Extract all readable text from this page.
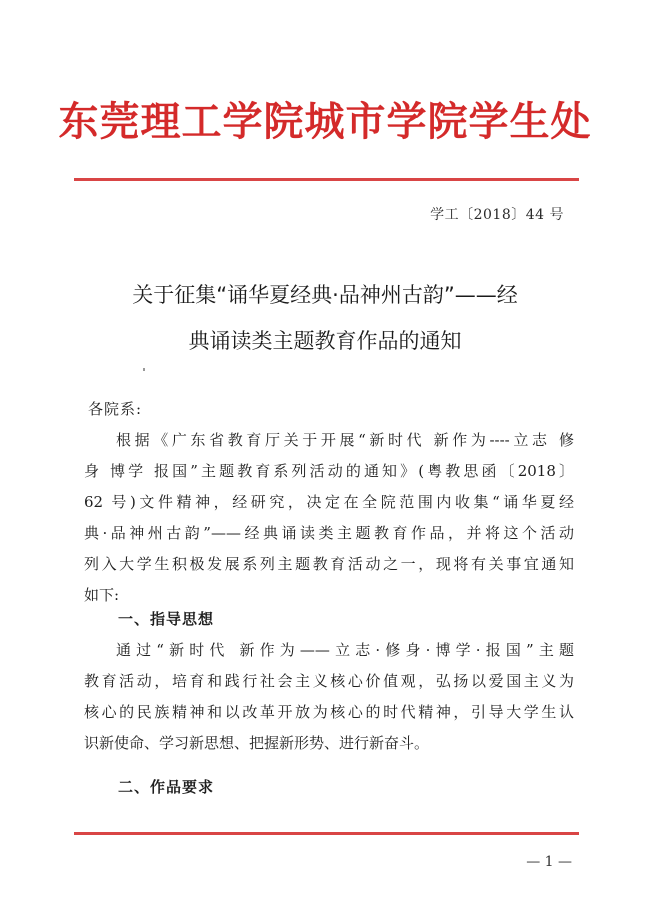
东莞理工学院城市学院学生处
学工〔2018〕44 号
关于征集“诵华夏经典·品神州古韵”——经
典诵读类主题教育作品的通知
各院系:
根据《广东省教育厅关于开展“新时代 新作为----立志 修
身 博学 报国”主题教育系列活动的通知》(粤教思函〔2018〕
62 号)文件精神，经研究，决定在全院范围内收集“诵华夏经
典·品神州古韵”——经典诵读类主题教育作品，并将这个活动
列入大学生积极发展系列主题教育活动之一，现将有关事宜通知
如下:
一、指导思想
通过“新时代 新作为——立志·修身·博学·报国”主题
教育活动，培育和践行社会主义核心价值观，弘扬以爱国主义为
核心的民族精神和以改革开放为核心的时代精神，引导大学生认
识新使命、学习新思想、把握新形势、进行新奋斗。
二、作品要求
— 1 —
